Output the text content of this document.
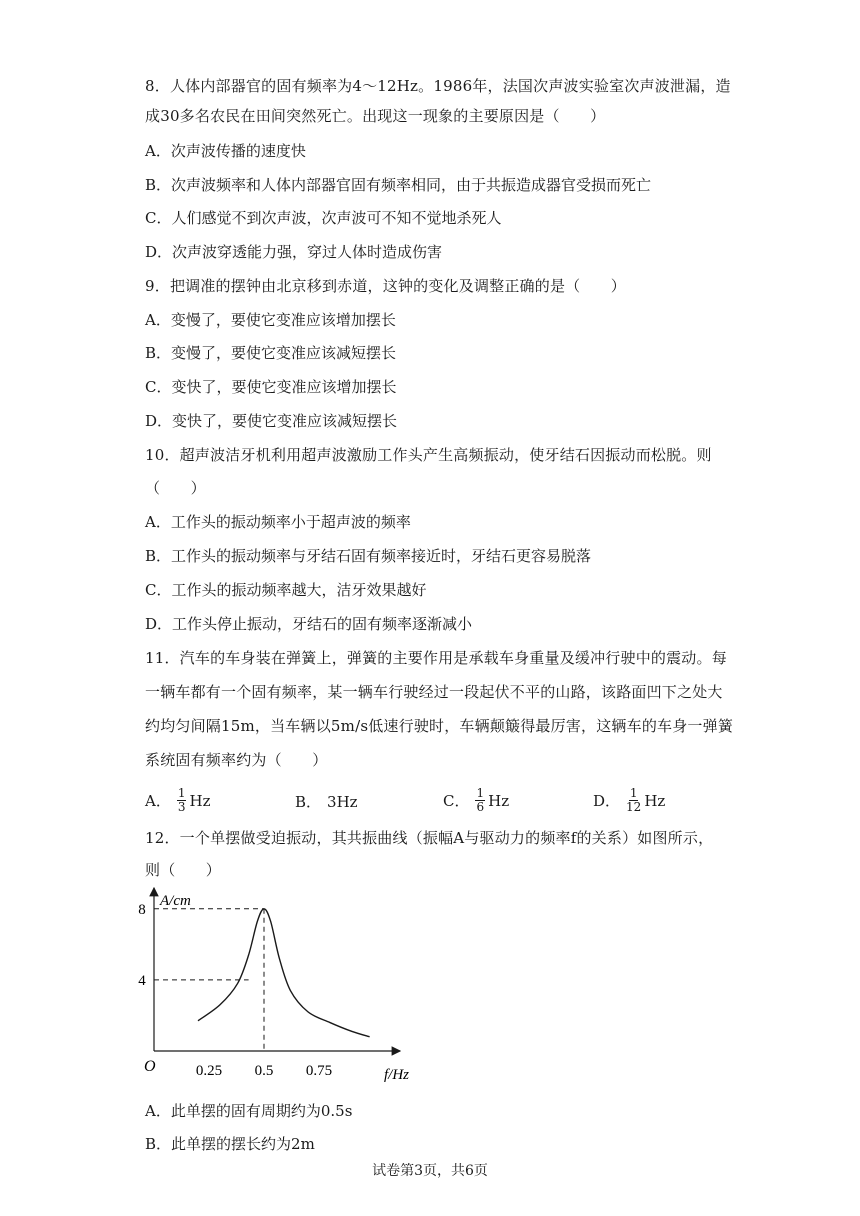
8．人体内部器官的固有频率为4～12Hz。1986年，法国次声波实验室次声波泄漏，造
成30多名农民在田间突然死亡。出现这一现象的主要原因是（　　）
A．次声波传播的速度快
B．次声波频率和人体内部器官固有频率相同，由于共振造成器官受损而死亡
C．人们感觉不到次声波，次声波可不知不觉地杀死人
D．次声波穿透能力强，穿过人体时造成伤害
9．把调准的摆钟由北京移到赤道，这钟的变化及调整正确的是（　　）
A．变慢了，要使它变准应该增加摆长
B．变慢了，要使它变准应该减短摆长
C．变快了，要使它变准应该增加摆长
D．变快了，要使它变准应该减短摆长
10．超声波洁牙机利用超声波激励工作头产生高频振动，使牙结石因振动而松脱。则
（　　）
A．工作头的振动频率小于超声波的频率
B．工作头的振动频率与牙结石固有频率接近时，牙结石更容易脱落
C．工作头的振动频率越大，洁牙效果越好
D．工作头停止振动，牙结石的固有频率逐渐减小
11．汽车的车身装在弹簧上，弹簧的主要作用是承载车身重量及缓冲行驶中的震动。每
一辆车都有一个固有频率，某一辆车行驶经过一段起伏不平的山路，该路面凹下之处大
约均匀间隔15m，当车辆以5m/s低速行驶时，车辆颠簸得最厉害，这辆车的车身一弹簧
系统固有频率约为（　　）
A． $\frac{1}{3}$ Hz	B． 3Hz	C． $\frac{1}{6}$ Hz	D． $\frac{1}{12}$ Hz
12．一个单摆做受迫振动，其共振曲线（振幅A与驱动力的频率f的关系）如图所示，
则（　　）
4
8
0.25 0.5 0.75
A/cm
f/Hz
O
A．此单摆的固有周期约为0.5s
B．此单摆的摆长约为2m
试卷第3页，共6页
